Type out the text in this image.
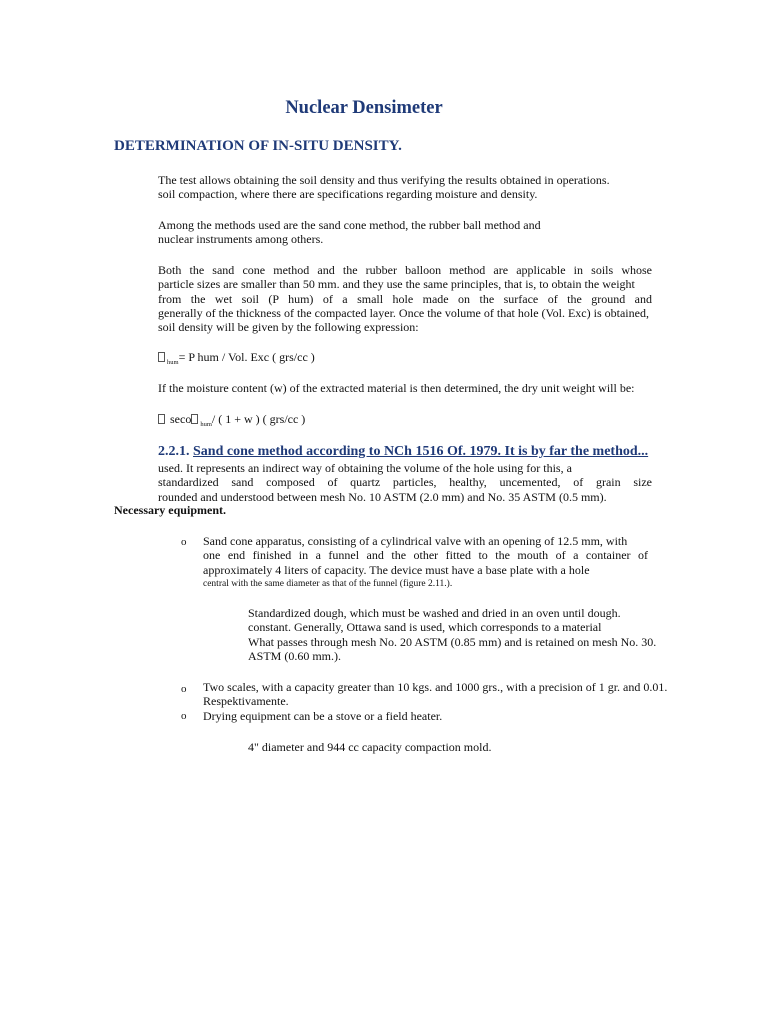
Nuclear Densimeter
DETERMINATION OF IN-SITU DENSITY.
The test allows obtaining the soil density and thus verifying the results obtained in operations.
soil compaction, where there are specifications regarding moisture and density.
Among the methods used are the sand cone method, the rubber ball method and
nuclear instruments among others.
Both the sand cone method and the rubber balloon method are applicable in soils whose
particle sizes are smaller than 50 mm. and they use the same principles, that is, to obtain the weight
from the wet soil (P hum) of a small hole made on the surface of the ground and
generally of the thickness of the compacted layer. Once the volume of that hole (Vol. Exc) is obtained,
soil density will be given by the following expression:
$_{hum}$= P hum / Vol. Exc ( grs/cc )

If the moisture content (w) of the extracted material is then determined, the dry unit weight will be:

seco $_{hum}$/ ( 1 + w ) ( grs/cc )
2.2.1. Sand cone method according to NCh 1516 Of. 1979. It is by far the method...
used. It represents an indirect way of obtaining the volume of the hole using for this, a
standardized sand composed of quartz particles, healthy, uncemented, of grain size
rounded and understood between mesh No. 10 ASTM (2.0 mm) and No. 35 ASTM (0.5 mm).

Necessary equipment.

o Sand cone apparatus, consisting of a cylindrical valve with an opening of 12.5 mm, with
one end finished in a funnel and the other fitted to the mouth of a container of
approximately 4 liters of capacity. The device must have a base plate with a hole
central with the same diameter as that of the funnel (figure 2.11.).
Standardized dough, which must be washed and dried in an oven until dough.
constant. Generally, Ottawa sand is used, which corresponds to a material
What passes through mesh No. 20 ASTM (0.85 mm) and is retained on mesh No. 30.
ASTM (0.60 mm.).
o Two scales, with a capacity greater than 10 kgs. and 1000 grs., with a precision of 1 gr. and 0.01.
Respektivamente.
o Drying equipment can be a stove or a field heater.

4" diameter and 944 cc capacity compaction mold.
